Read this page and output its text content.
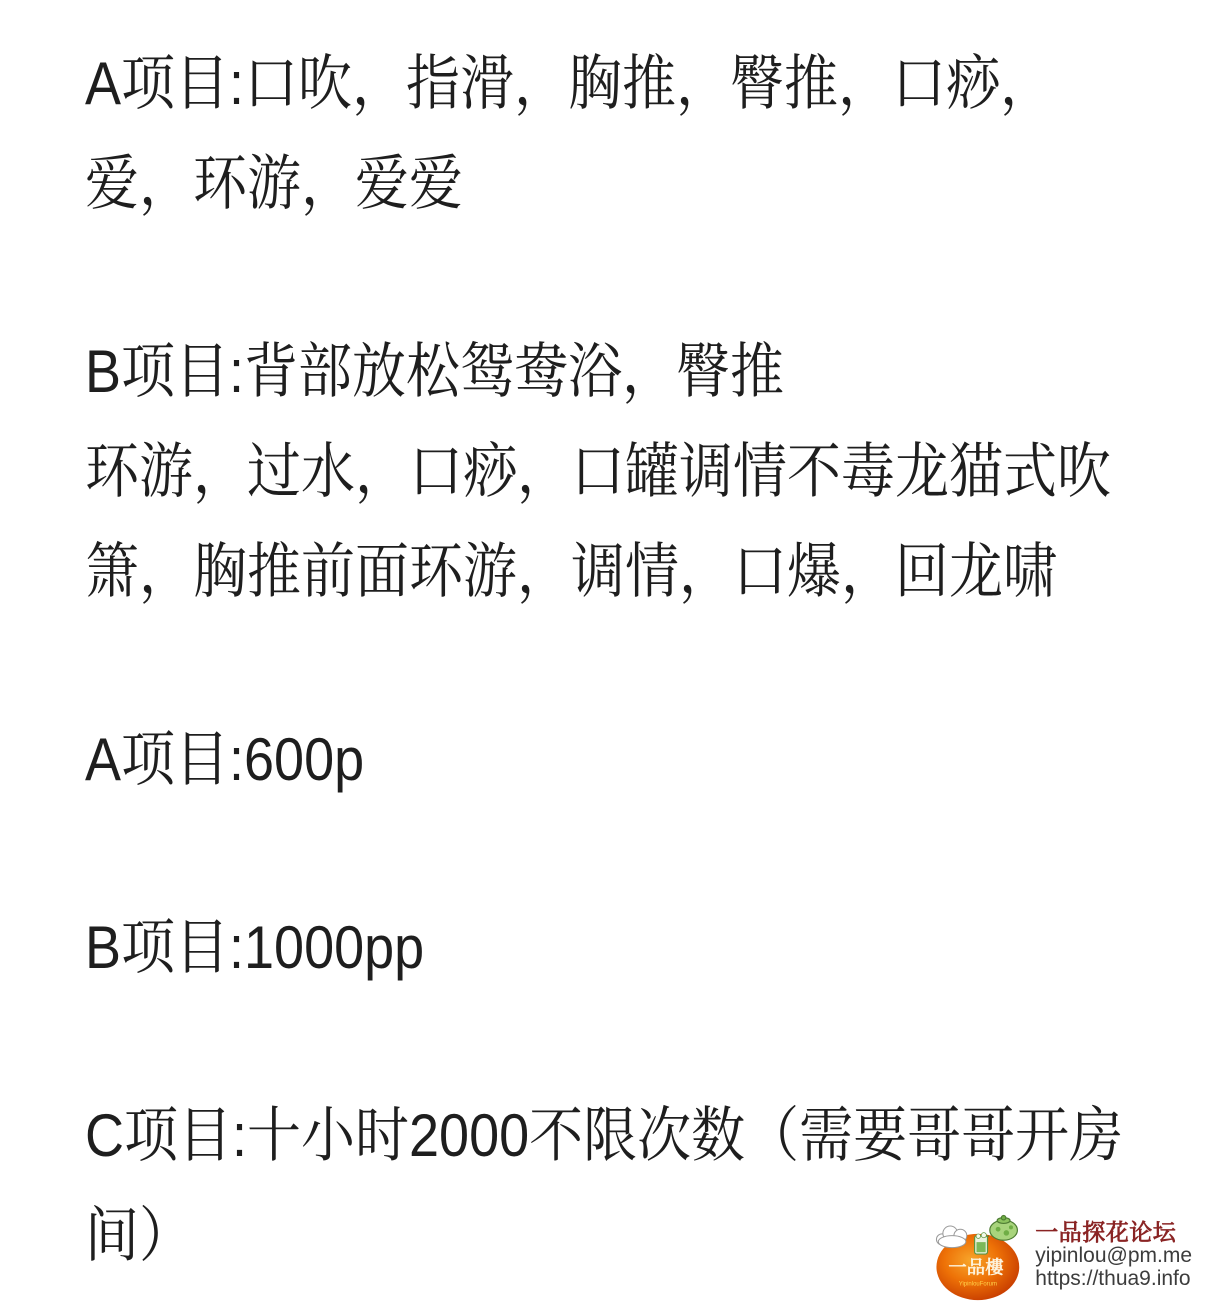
A项目:口吹，指滑，胸推，臀推，口痧，
爱，环游，爱爱
B项目:背部放松鸳鸯浴，臀推
环游，过水，口痧，口罐调情不毒龙猫式吹
箫，胸推前面环游，调情，口爆，回龙啸
A项目:600p
B项目:1000pp
C项目:十小时2000不限次数（需要哥哥开房
间）	一品樓
YipinlouForum
一品探花论坛
yipinlou@pm.me
https://thua9.info
